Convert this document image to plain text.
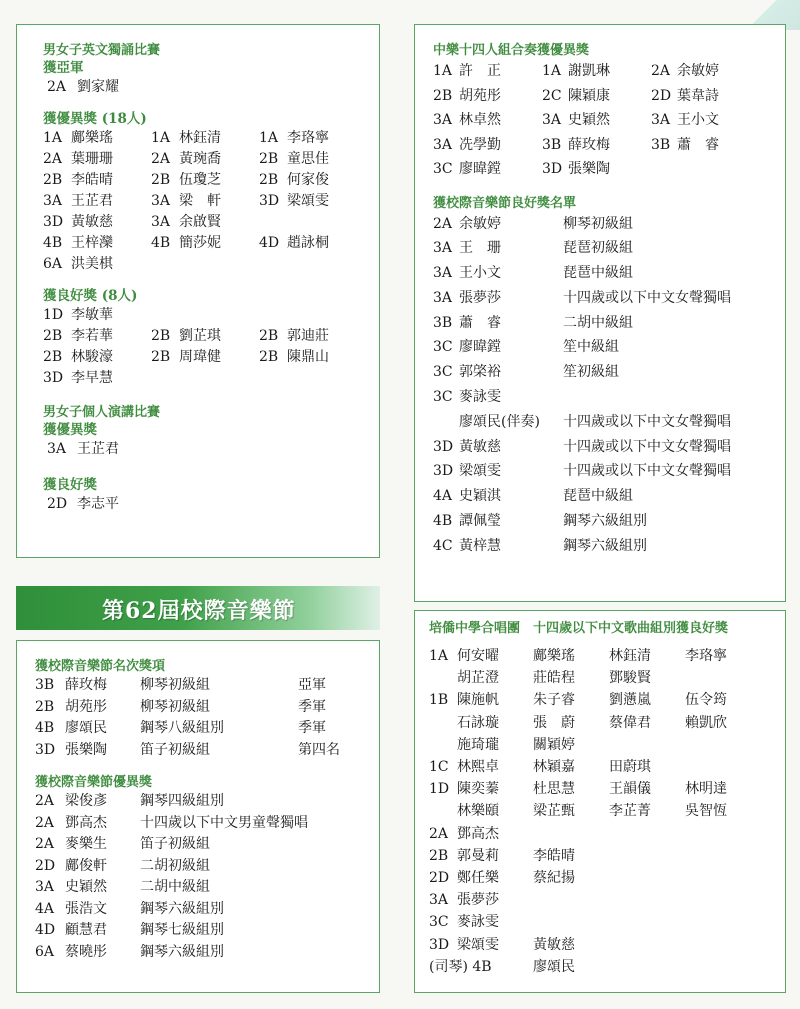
男女子英文獨誦比賽
獲亞軍
2A 劉家耀
獲優異獎 (18人)
1A 鄺樂瑤	1A 林鈺清	1A 李珞寧
2A 葉珊珊	2A 黃琬喬	2B 童思佳
2B 李皓晴	2B 伍瓊芝	2B 何家俊
3A 王芷君	3A 梁　軒	3D 梁頌雯
3D 黃敏慈	3A 余啟賢
4B 王梓灤	4B 簡莎妮	4D 趙詠桐
6A 洪美棋
獲良好獎 (8人)
1D 李敏華
2B 李若華	2B 劉芷琪	2B 郭迪莊
2B 林駿濠	2B 周瑋健	2B 陳鼎山
3D 李早慧
男女子個人演講比賽
獲優異獎
3A 王芷君
獲良好獎
2D 李志平
第62屆校際音樂節
獲校際音樂節名次獎項
3B 薛玫梅	柳琴初級組	亞軍
2B 胡苑彤	柳琴初級組	季軍
4B 廖頌民	鋼琴八級組別	季軍
3D 張樂陶	笛子初級組	第四名
獲校際音樂節優異獎
2A 梁俊彥	鋼琴四級組別
2A 鄧高杰	十四歲以下中文男童聲獨唱
2A 麥樂生	笛子初級組
2D 鄺俊軒	二胡初級組
3A 史穎然	二胡中級組
4A 張浩文	鋼琴六級組別
4D 顧慧君	鋼琴七級組別
6A 蔡曉彤	鋼琴六級組別
中樂十四人組合奏獲優異獎
1A 許　正	1A 謝凱琳	2A 余敏婷
2B 胡苑彤	2C 陳穎康	2D 葉韋詩
3A 林卓然	3A 史穎然	3A 王小文
3A 冼學勤	3B 薛玫梅	3B 蕭　睿
3C 廖暐鏜	3D 張樂陶
獲校際音樂節良好獎名單
2A 余敏婷	柳琴初級組
3A 王　珊	琵琶初級組
3A 王小文	琵琶中級組
3A 張夢莎	十四歲或以下中文女聲獨唱
3B 蕭　睿	二胡中級組
3C 廖暐鏜	笙中級組
3C 郭棨裕	笙初級組
3C 麥詠雯
廖頌民(伴奏)	十四歲或以下中文女聲獨唱
3D 黃敏慈	十四歲或以下中文女聲獨唱
3D 梁頌雯	十四歲或以下中文女聲獨唱
4A 史穎淇	琵琶中級組
4B 譚佩瑩	鋼琴六級組別
4C 黃梓慧	鋼琴六級組別
培僑中學合唱團　十四歲以下中文歌曲組別獲良好獎
1A 何安曜	鄺樂瑤	林鈺清	李珞寧
胡芷澄	莊皓程	鄧駿賢
1B 陳施帆	朱子睿	劉懣嵐	伍令筠
石詠璇	張　蔚	蔡偉君	賴凱欣
施琦瓏	關穎婷
1C 林熙卓	林穎嘉	田蔚琪
1D 陳奕蓁	杜思慧	王韻儀	林明達
林樂頤	梁芷甄	李芷菁	吳智恆
2A 鄧高杰
2B 郭曼莉	李皓晴
2D 鄭任樂	蔡紀揚
3A 張夢莎
3C 麥詠雯
3D 梁頌雯	黃敏慈
(司琴) 4B	廖頌民
